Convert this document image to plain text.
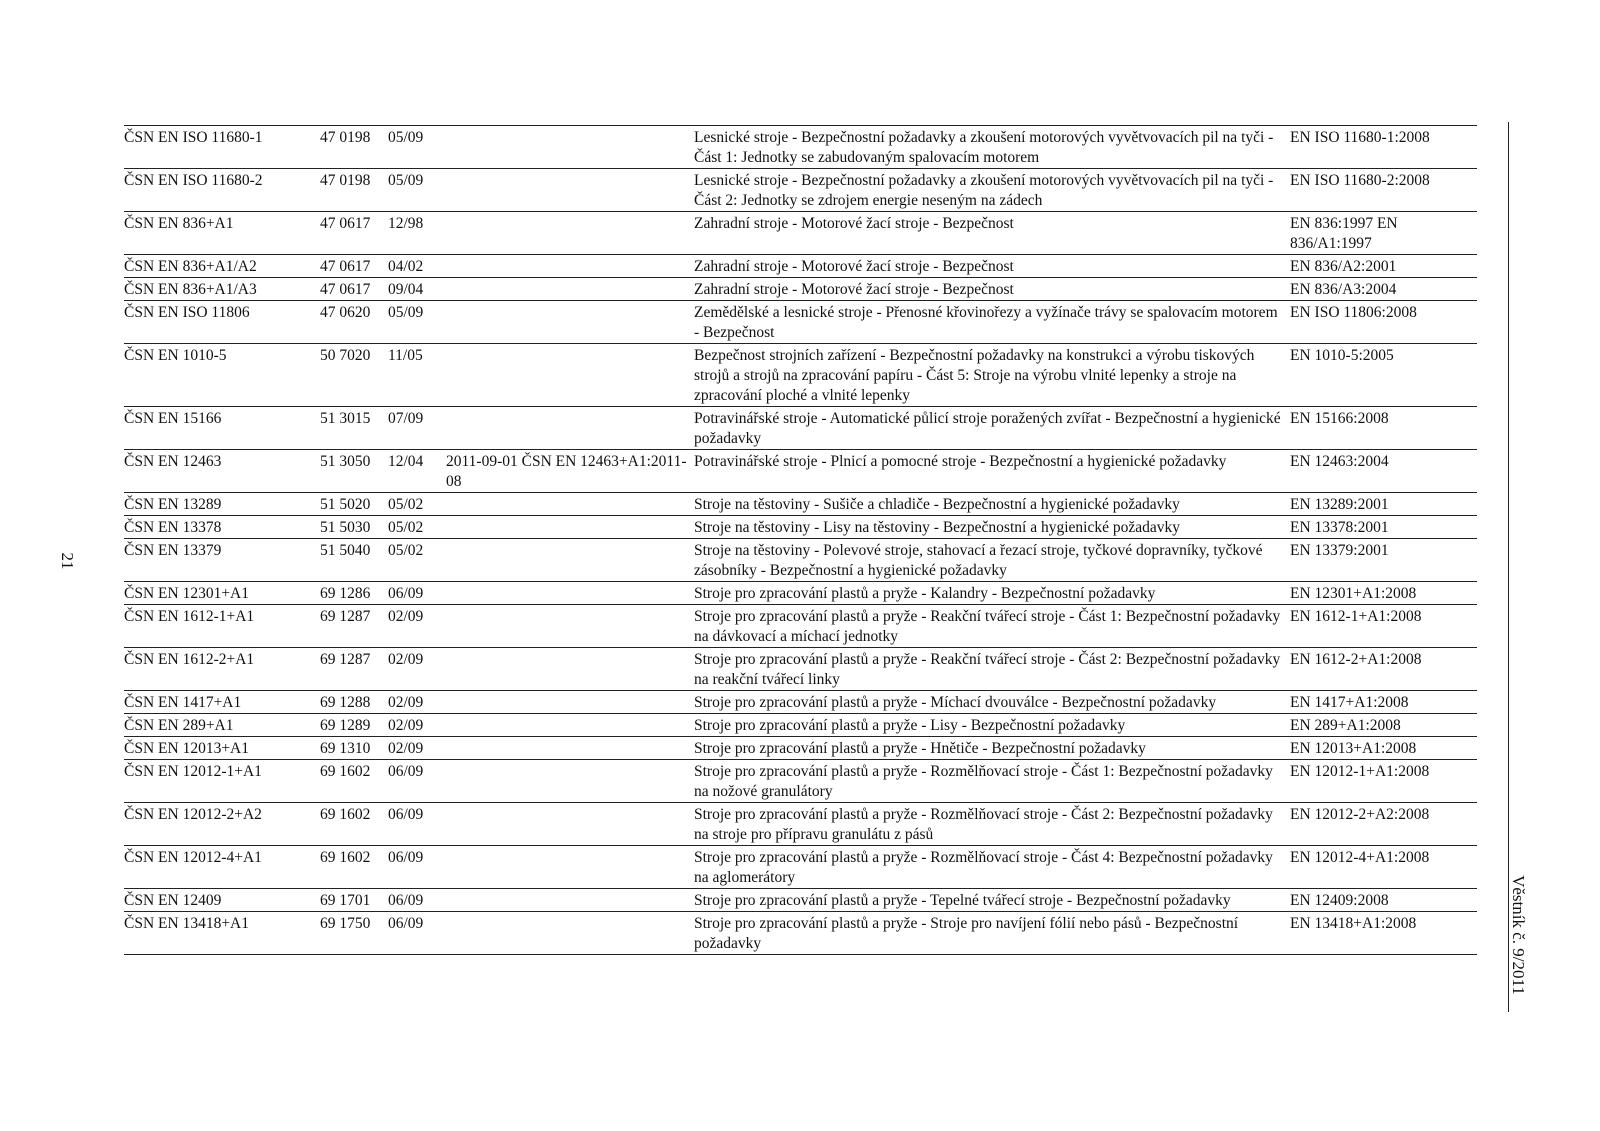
21
ČSN EN ISO 11680-1	47 0198	05/09		Lesnické stroje - Bezpečnostní požadavky a zkoušení motorových vyvětvovacích pil na tyči - Část 1: Jednotky se zabudovaným spalovacím motorem	EN ISO 11680-1:2008
ČSN EN ISO 11680-2	47 0198	05/09		Lesnické stroje - Bezpečnostní požadavky a zkoušení motorových vyvětvovacích pil na tyči - Část 2: Jednotky se zdrojem energie neseným na zádech	EN ISO 11680-2:2008
ČSN EN 836+A1	47 0617	12/98		Zahradní stroje - Motorové žací stroje - Bezpečnost	EN 836:1997 EN 836/A1:1997
ČSN EN 836+A1/A2	47 0617	04/02		Zahradní stroje - Motorové žací stroje - Bezpečnost	EN 836/A2:2001
ČSN EN 836+A1/A3	47 0617	09/04		Zahradní stroje - Motorové žací stroje - Bezpečnost	EN 836/A3:2004
ČSN EN ISO 11806	47 0620	05/09		Zemědělské a lesnické stroje - Přenosné křovinořezy a vyžínače trávy se spalovacím motorem - Bezpečnost	EN ISO 11806:2008
ČSN EN 1010-5	50 7020	11/05		Bezpečnost strojních zařízení - Bezpečnostní požadavky na konstrukci a výrobu tiskových strojů a strojů na zpracování papíru - Část 5: Stroje na výrobu vlnité lepenky a stroje na zpracování ploché a vlnité lepenky	EN 1010-5:2005
ČSN EN 15166	51 3015	07/09		Potravinářské stroje - Automatické půlicí stroje poražených zvířat - Bezpečnostní a hygienické požadavky	EN 15166:2008
ČSN EN 12463	51 3050	12/04	2011-09-01 ČSN EN 12463+A1:2011-08	Potravinářské stroje - Plnicí a pomocné stroje - Bezpečnostní a hygienické požadavky	EN 12463:2004
ČSN EN 13289	51 5020	05/02		Stroje na těstoviny - Sušiče a chladiče - Bezpečnostní a hygienické požadavky	EN 13289:2001
ČSN EN 13378	51 5030	05/02		Stroje na těstoviny - Lisy na těstoviny - Bezpečnostní a hygienické požadavky	EN 13378:2001
ČSN EN 13379	51 5040	05/02		Stroje na těstoviny - Polevové stroje, stahovací a řezací stroje, tyčkové dopravníky, tyčkové zásobníky - Bezpečnostní a hygienické požadavky	EN 13379:2001
ČSN EN 12301+A1	69 1286	06/09		Stroje pro zpracování plastů a pryže - Kalandry - Bezpečnostní požadavky	EN 12301+A1:2008
ČSN EN 1612-1+A1	69 1287	02/09		Stroje pro zpracování plastů a pryže - Reakční tvářecí stroje - Část 1: Bezpečnostní požadavky na dávkovací a míchací jednotky	EN 1612-1+A1:2008
ČSN EN 1612-2+A1	69 1287	02/09		Stroje pro zpracování plastů a pryže - Reakční tvářecí stroje - Část 2: Bezpečnostní požadavky na reakční tvářecí linky	EN 1612-2+A1:2008
ČSN EN 1417+A1	69 1288	02/09		Stroje pro zpracování plastů a pryže - Míchací dvouválce - Bezpečnostní požadavky	EN 1417+A1:2008
ČSN EN 289+A1	69 1289	02/09		Stroje pro zpracování plastů a pryže - Lisy - Bezpečnostní požadavky	EN 289+A1:2008
ČSN EN 12013+A1	69 1310	02/09		Stroje pro zpracování plastů a pryže - Hnětiče - Bezpečnostní požadavky	EN 12013+A1:2008
ČSN EN 12012-1+A1	69 1602	06/09		Stroje pro zpracování plastů a pryže - Rozmělňovací stroje - Část 1: Bezpečnostní požadavky na nožové granulátory	EN 12012-1+A1:2008
ČSN EN 12012-2+A2	69 1602	06/09		Stroje pro zpracování plastů a pryže - Rozmělňovací stroje - Část 2: Bezpečnostní požadavky na stroje pro přípravu granulátu z pásů	EN 12012-2+A2:2008
ČSN EN 12012-4+A1	69 1602	06/09		Stroje pro zpracování plastů a pryže - Rozmělňovací stroje - Část 4: Bezpečnostní požadavky na aglomerátory	EN 12012-4+A1:2008
ČSN EN 12409	69 1701	06/09		Stroje pro zpracování plastů a pryže - Tepelné tvářecí stroje - Bezpečnostní požadavky	EN 12409:2008
ČSN EN 13418+A1	69 1750	06/09		Stroje pro zpracování plastů a pryže - Stroje pro navíjení fólií nebo pásů - Bezpečnostní požadavky	EN 13418+A1:2008	Věstník č. 9/2011
